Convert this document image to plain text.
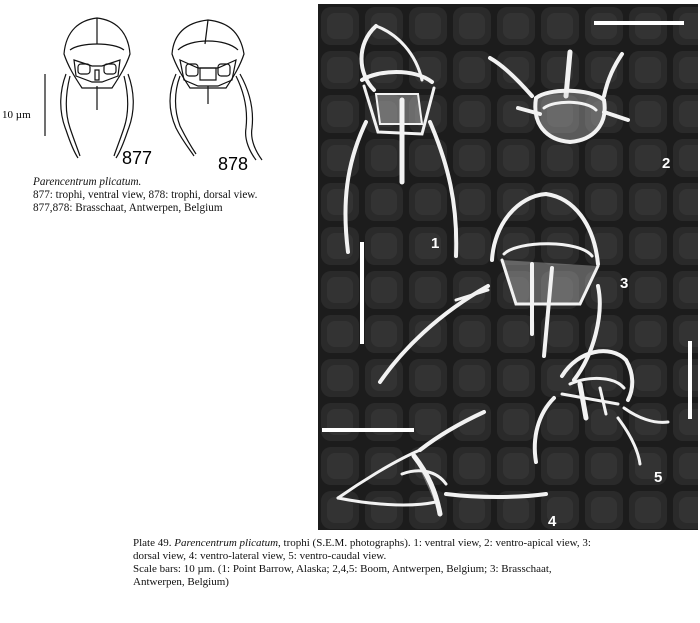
10 µm
877	878
Parencentrum plicatum.
877: trophi, ventral view, 878: trophi, dorsal view.
877,878: Brasschaat, Antwerpen, Belgium
1
2
3
4
5
Plate 49. Parencentrum plicatum, trophi (S.E.M. photographs). 1: ventral view, 2: ventro-apical view, 3:
dorsal view, 4: ventro-lateral view, 5: ventro-caudal view.
Scale bars: 10 µm. (1: Point Barrow, Alaska; 2,4,5: Boom, Antwerpen, Belgium; 3: Brasschaat,
Antwerpen, Belgium)
